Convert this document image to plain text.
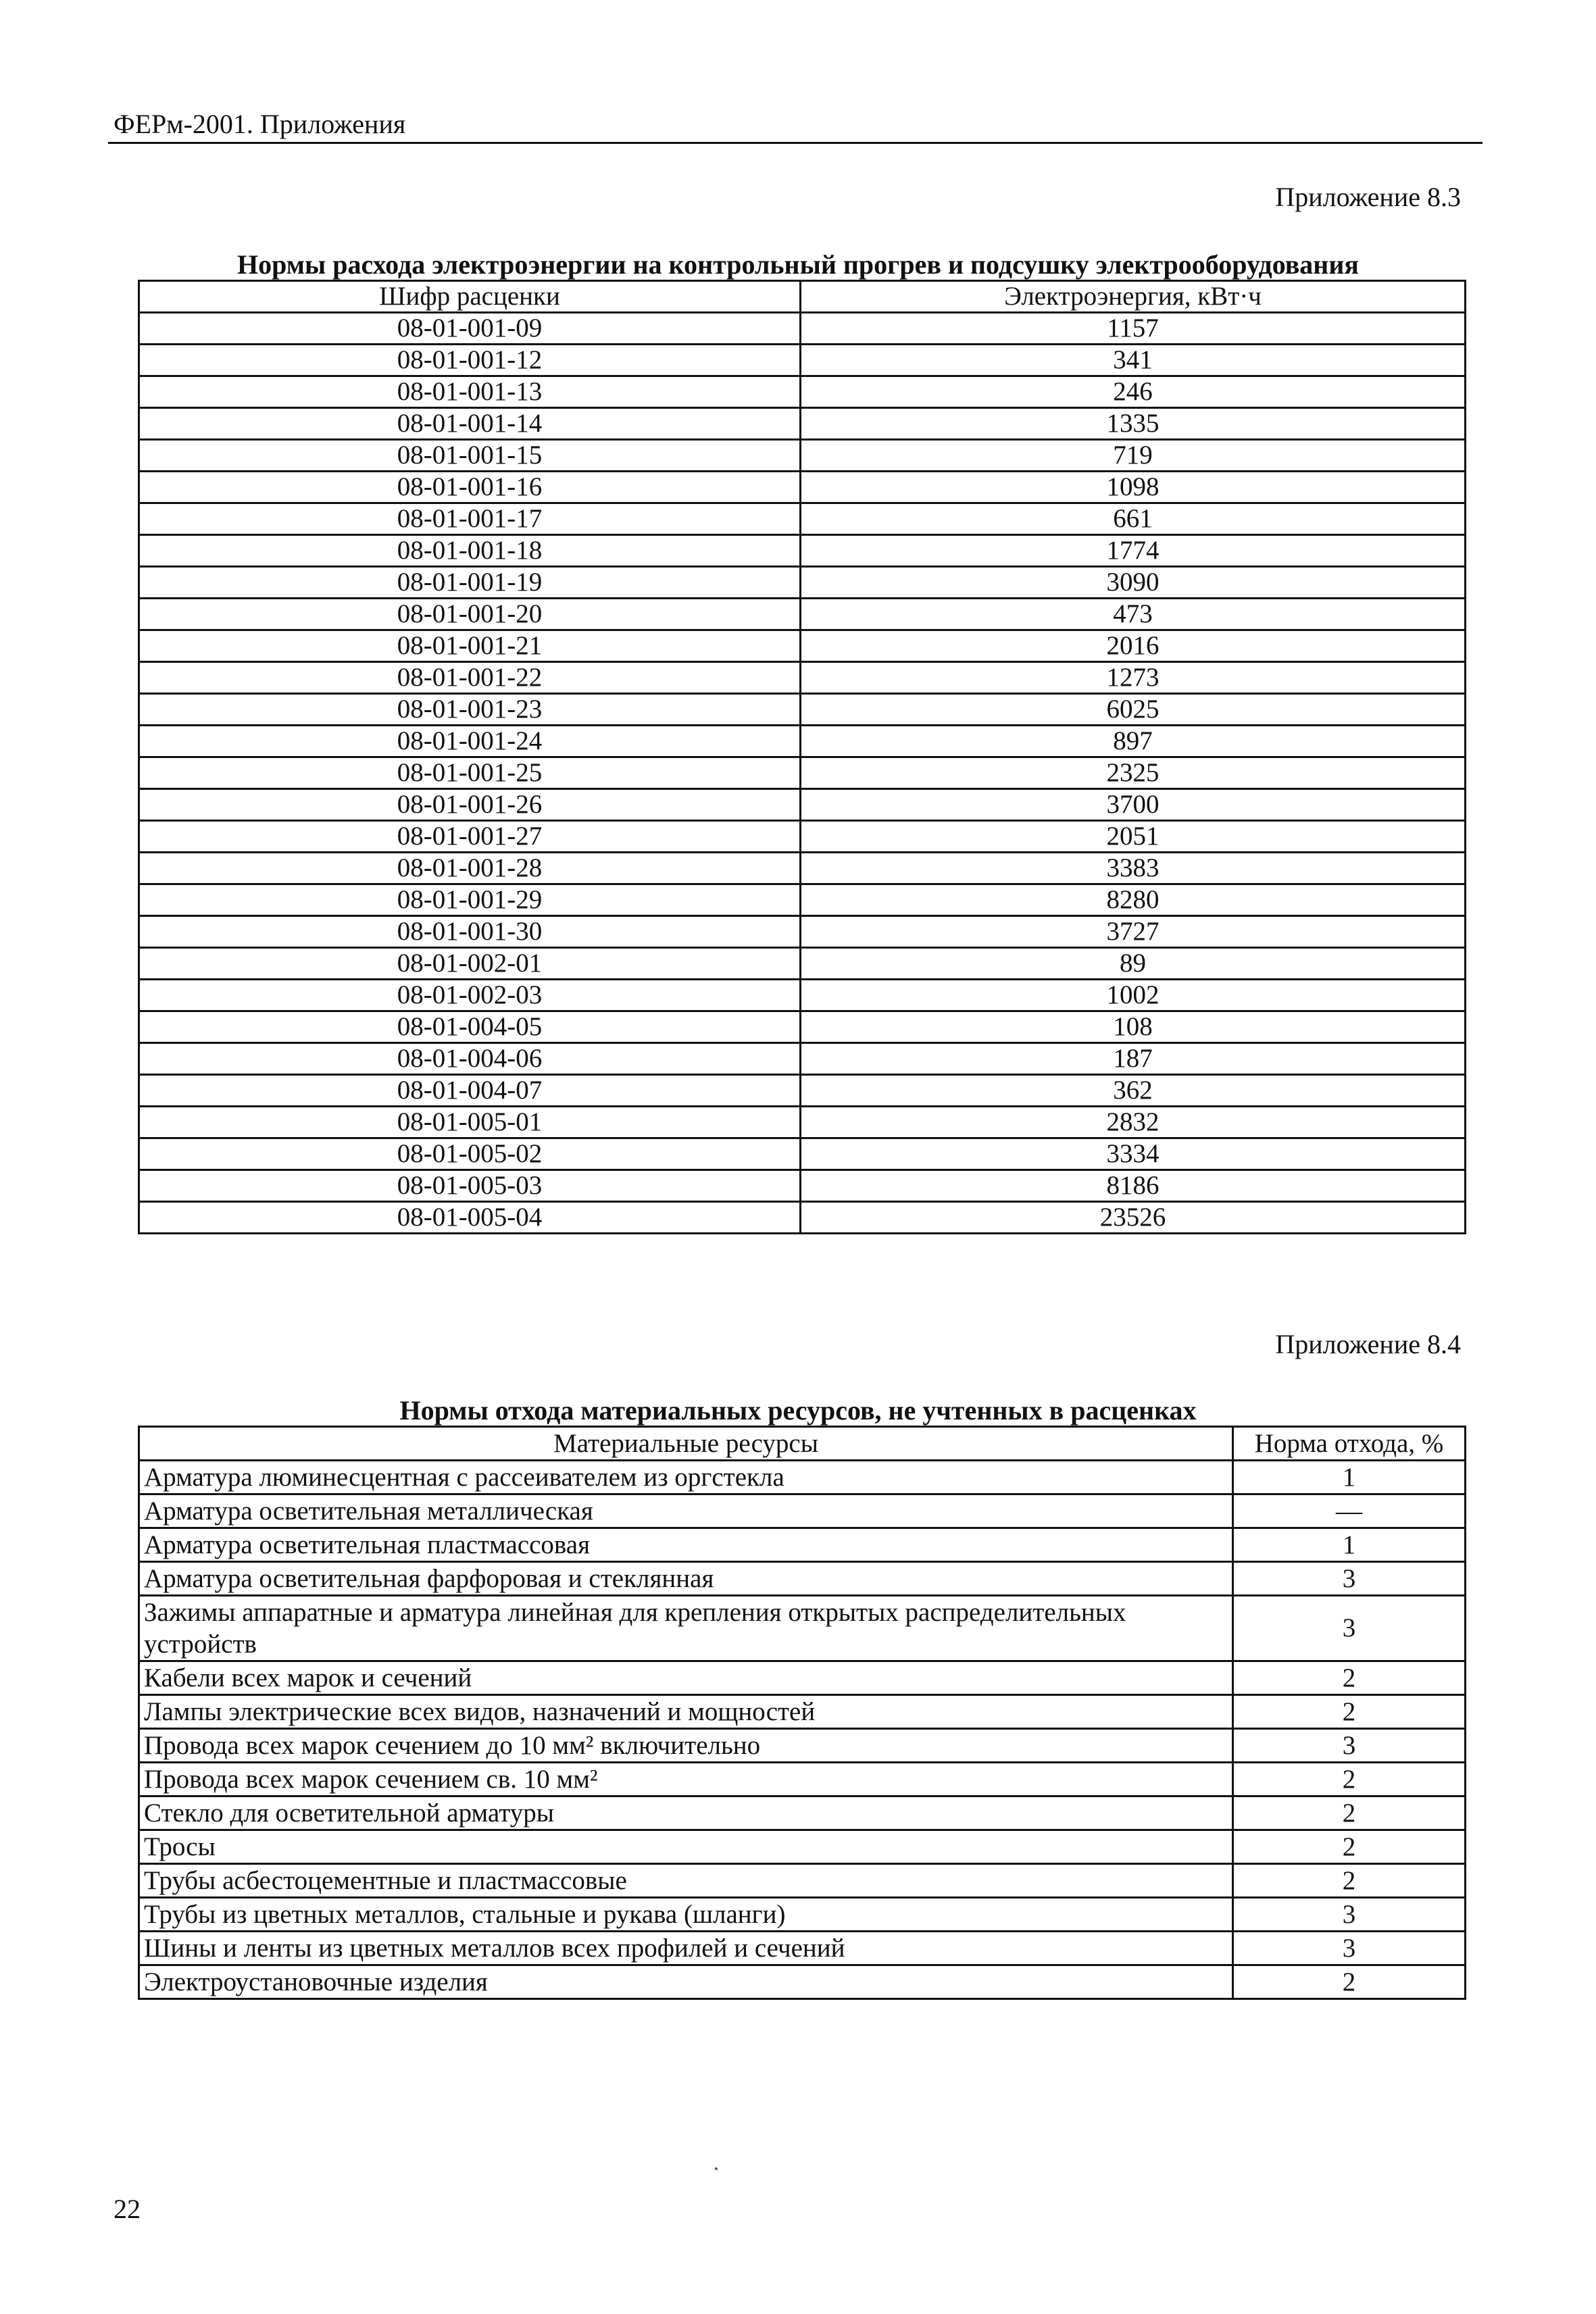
ФЕРм-2001. Приложения
Приложение 8.3
Нормы расхода электроэнергии на контрольный прогрев и подсушку электрооборудования
Шифр расценки	Электроэнергия, кВт·ч
08-01-001-09	1157
08-01-001-12	341
08-01-001-13	246
08-01-001-14	1335
08-01-001-15	719
08-01-001-16	1098
08-01-001-17	661
08-01-001-18	1774
08-01-001-19	3090
08-01-001-20	473
08-01-001-21	2016
08-01-001-22	1273
08-01-001-23	6025
08-01-001-24	897
08-01-001-25	2325
08-01-001-26	3700
08-01-001-27	2051
08-01-001-28	3383
08-01-001-29	8280
08-01-001-30	3727
08-01-002-01	89
08-01-002-03	1002
08-01-004-05	108
08-01-004-06	187
08-01-004-07	362
08-01-005-01	2832
08-01-005-02	3334
08-01-005-03	8186
08-01-005-04	23526
Приложение 8.4
Нормы отхода материальных ресурсов, не учтенных в расценках
Материальные ресурсы	Норма отхода, %
Арматура люминесцентная с рассеивателем из оргстекла	1
Арматура осветительная металлическая	—
Арматура осветительная пластмассовая	1
Арматура осветительная фарфоровая и стеклянная	3
Зажимы аппаратные и арматура линейная для крепления открытых распределительных устройств	3
Кабели всех марок и сечений	2
Лампы электрические всех видов, назначений и мощностей	2
Провода всех марок сечением до 10 мм² включительно	3
Провода всех марок сечением св. 10 мм²	2
Стекло для осветительной арматуры	2
Тросы	2
Трубы асбестоцементные и пластмассовые	2
Трубы из цветных металлов, стальные и рукава (шланги)	3
Шины и ленты из цветных металлов всех профилей и сечений	3
Электроустановочные изделия	2
22
